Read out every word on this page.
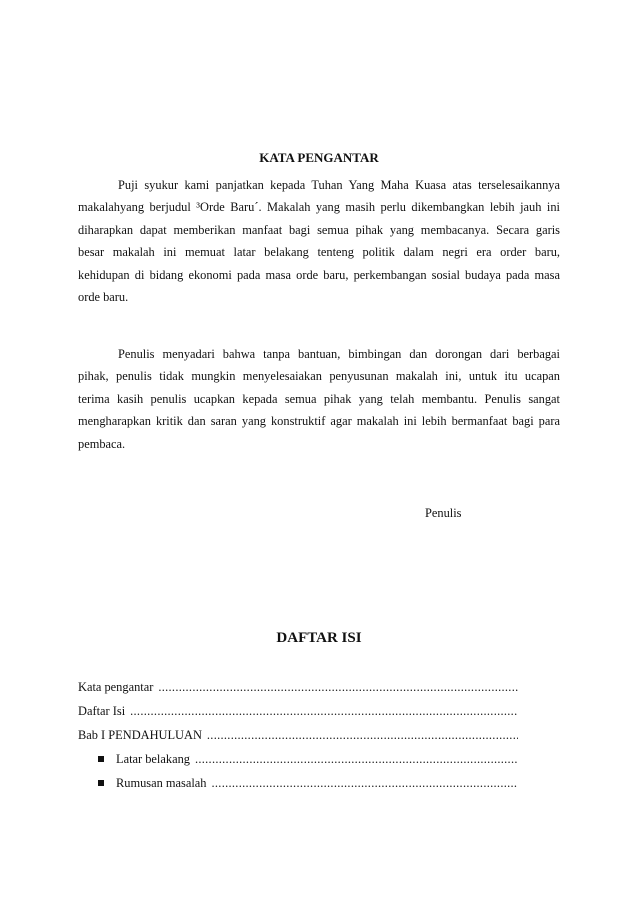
KATA PENGANTAR
Puji syukur kami panjatkan kepada Tuhan Yang Maha Kuasa atas terselesaikannya
makalahyang berjudul ³Orde Baru´. Makalah yang masih perlu dikembangkan lebih jauh ini
diharapkan dapat memberikan manfaat bagi semua pihak yang membacanya. Secara garis
besar makalah ini memuat latar belakang tenteng politik dalam negri era order baru,
kehidupan di bidang ekonomi pada masa orde baru, perkembangan sosial budaya pada masa
orde baru.
Penulis menyadari bahwa tanpa bantuan, bimbingan dan dorongan dari berbagai
pihak, penulis tidak mungkin menyelesaiakan penyusunan makalah ini, untuk itu ucapan
terima kasih penulis ucapkan kepada semua pihak yang telah membantu. Penulis sangat
mengharapkan kritik dan saran yang konstruktif agar makalah ini lebih bermanfaat bagi para
pembaca.
Penulis
DAFTAR ISI
Kata pengantar
.....
Daftar Isi
.....
Bab I PENDAHULUAN
.....
Latar belakang
.....
Rumusan masalah
.....
